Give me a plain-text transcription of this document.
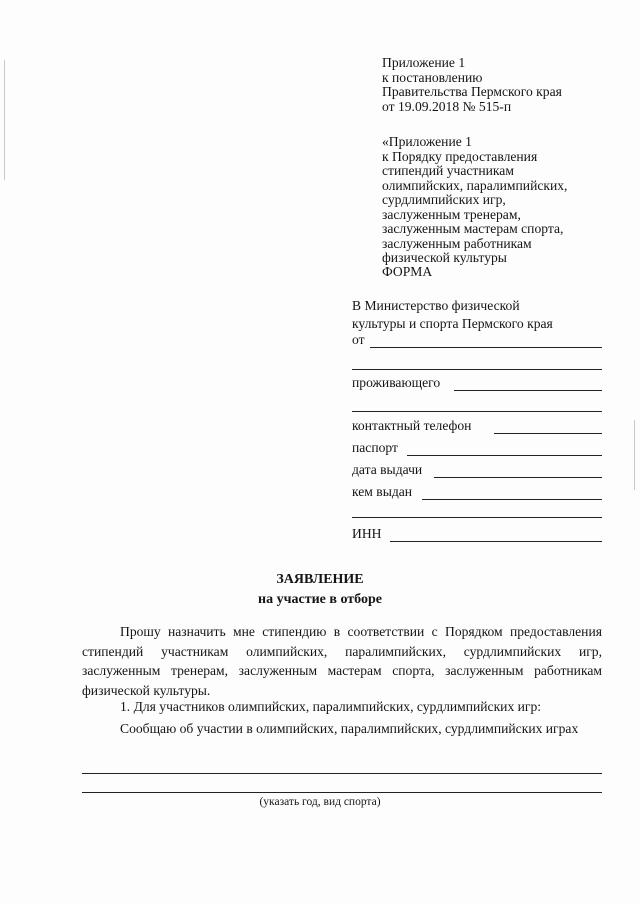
Приложение 1
к постановлению
Правительства Пермского края
от 19.09.2018 № 515-п
«Приложение 1
к Порядку предоставления
стипендий участникам
олимпийских, паралимпийских,
сурдлимпийских игр,
заслуженным тренерам,
заслуженным мастерам спорта,
заслуженным работникам
физической культуры
ФОРМА
В Министерство физической
культуры и спорта Пермского края
от
проживающего
контактный телефон
паспорт
дата выдачи
кем выдан
ИНН
ЗАЯВЛЕНИЕ
на участие в отборе
Прошу назначить мне стипендию в соответствии с Порядком предоставления стипендий участникам олимпийских, паралимпийских, сурдлимпийских игр, заслуженным тренерам, заслуженным мастерам спорта, заслуженным работникам физической культуры.
1. Для участников олимпийских, паралимпийских, сурдлимпийских игр:
Сообщаю об участии в олимпийских, паралимпийских, сурдлимпийских играх
(указать год, вид спорта)
